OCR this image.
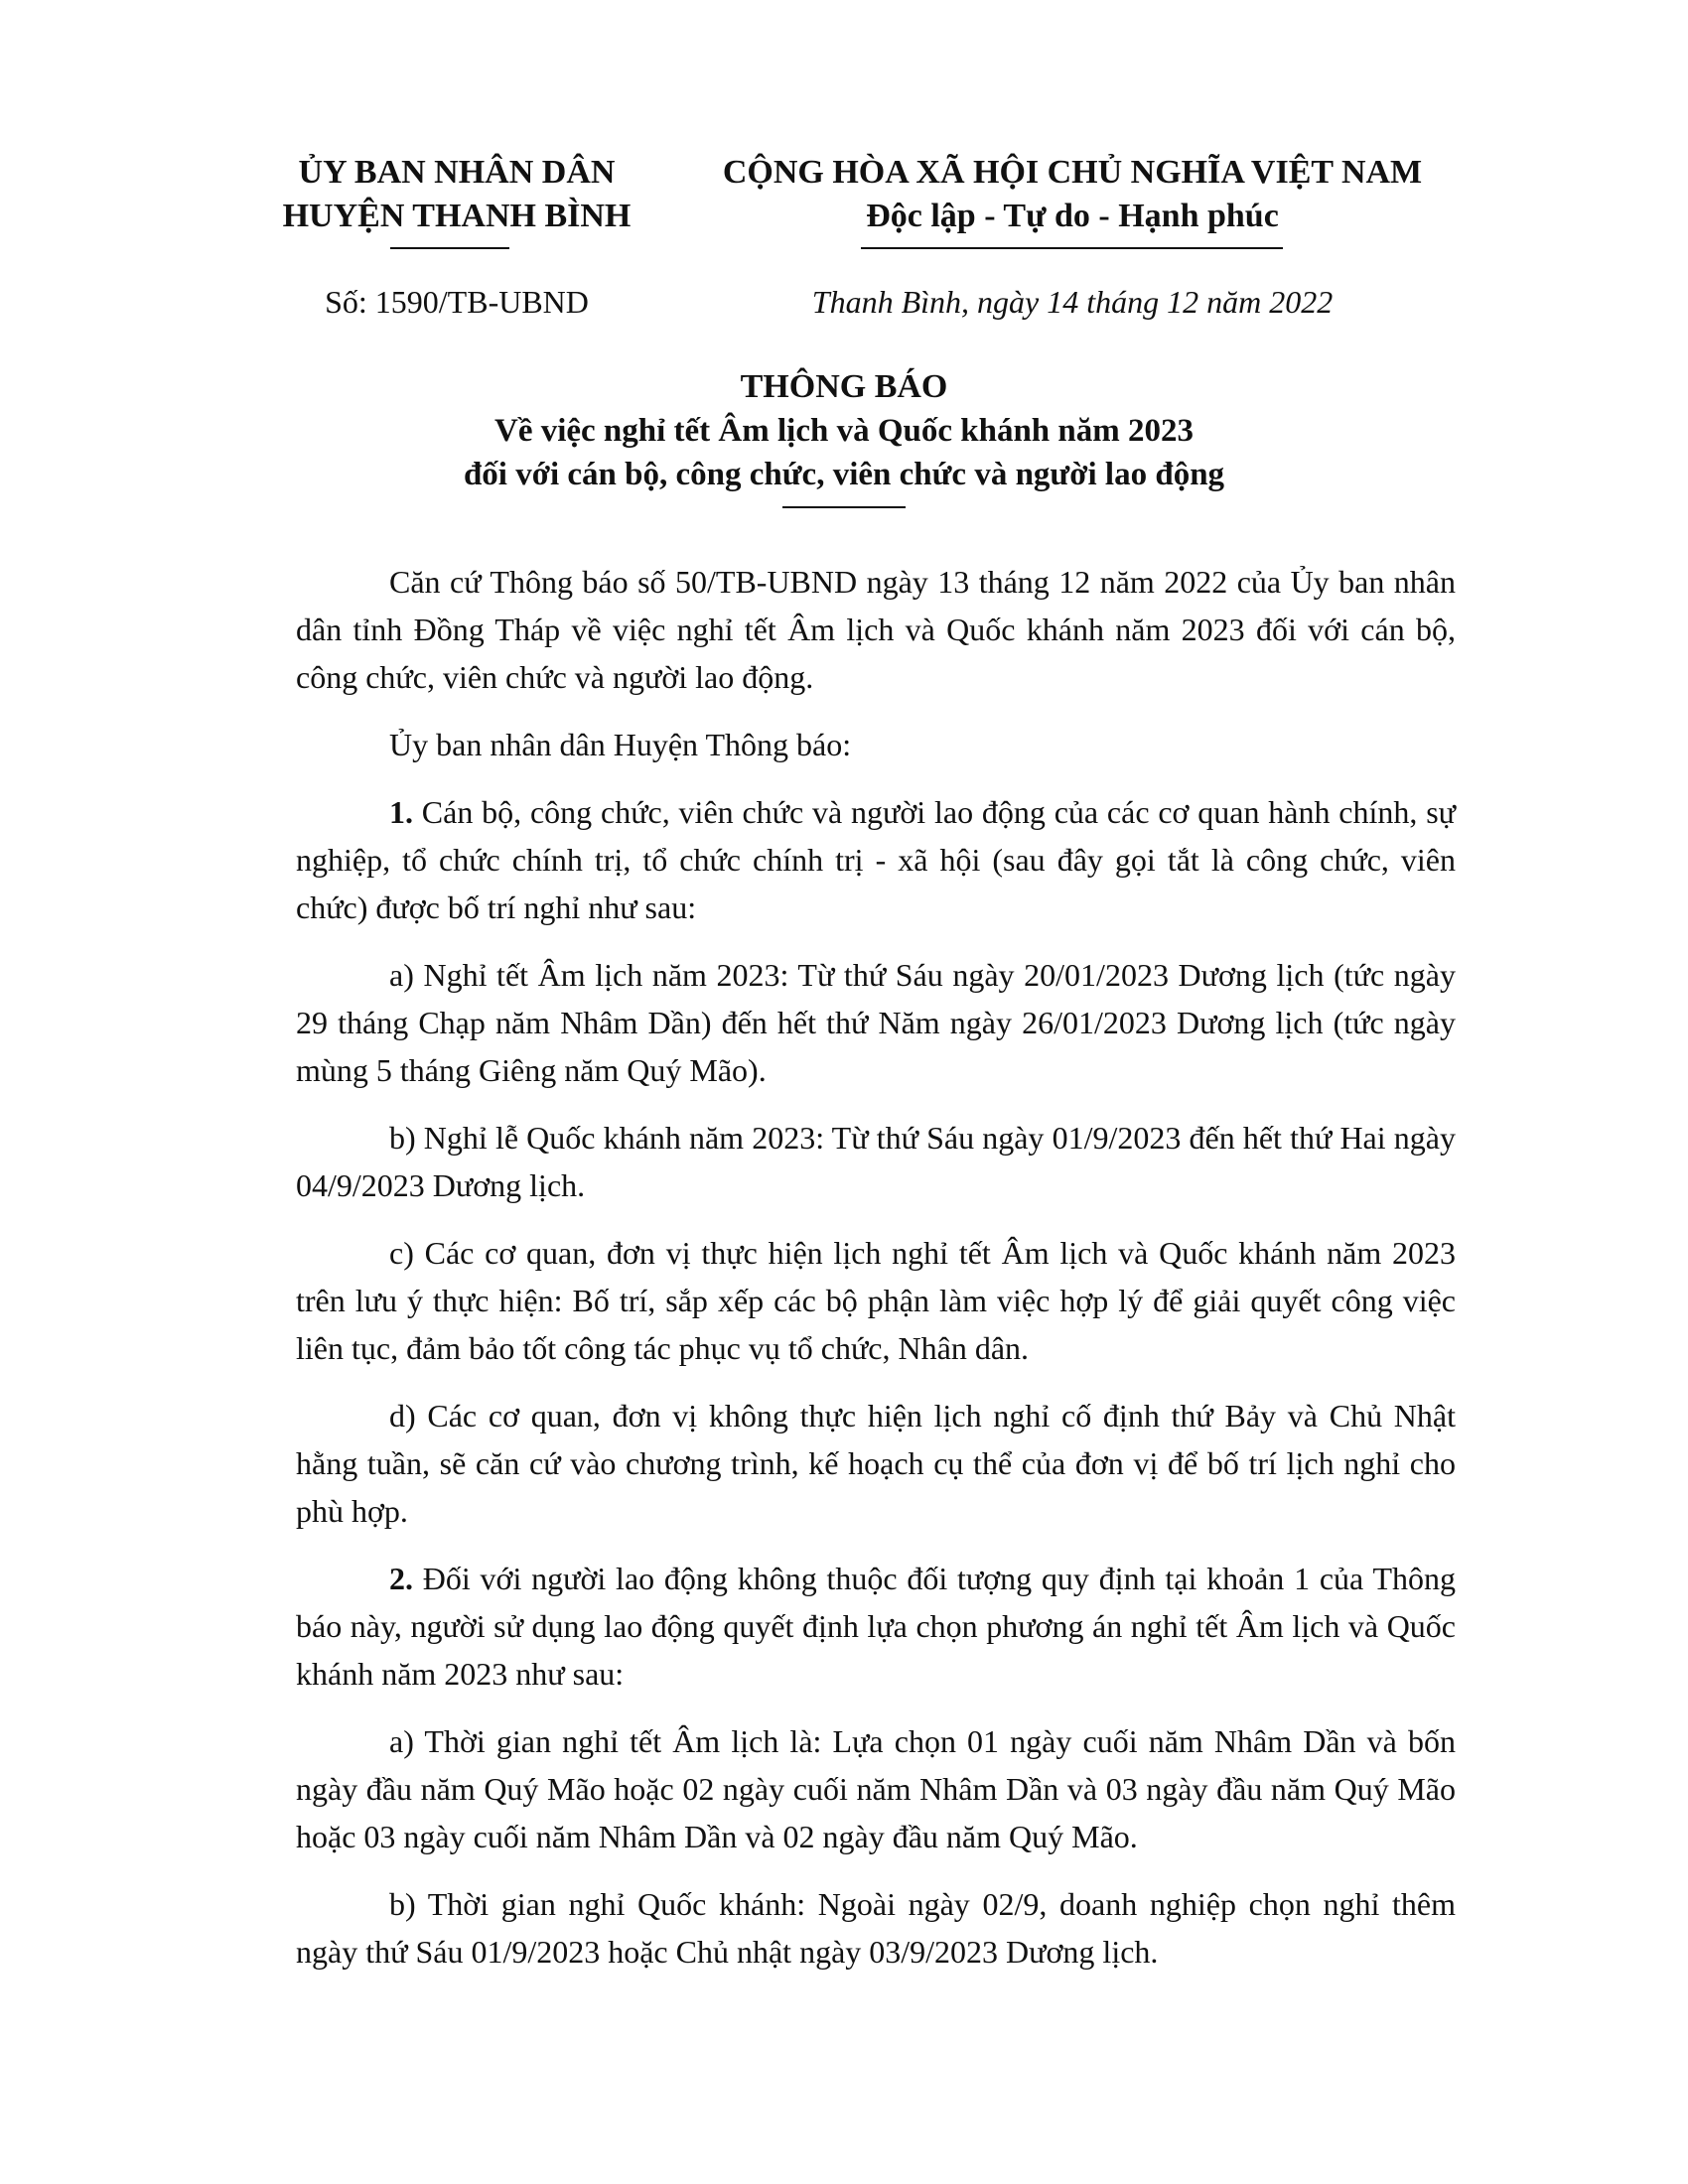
ỦY BAN NHÂN DÂN
HUYỆN THANH BÌNH
CỘNG HÒA XÃ HỘI CHỦ NGHĨA VIỆT NAM
Độc lập - Tự do - Hạnh phúc
Số: 1590/TB-UBND	Thanh Bình, ngày 14 tháng 12 năm 2022
THÔNG BÁO
Về việc nghỉ tết Âm lịch và Quốc khánh năm 2023
đối với cán bộ, công chức, viên chức và người lao động

Căn cứ Thông báo số 50/TB-UBND ngày 13 tháng 12 năm 2022 của Ủy ban nhân dân tỉnh Đồng Tháp về việc nghỉ tết Âm lịch và Quốc khánh năm 2023 đối với cán bộ, công chức, viên chức và người lao động.

Ủy ban nhân dân Huyện Thông báo:

1. Cán bộ, công chức, viên chức và người lao động của các cơ quan hành chính, sự nghiệp, tổ chức chính trị, tổ chức chính trị - xã hội (sau đây gọi tắt là công chức, viên chức) được bố trí nghỉ như sau:

a) Nghỉ tết Âm lịch năm 2023: Từ thứ Sáu ngày 20/01/2023 Dương lịch (tức ngày 29 tháng Chạp năm Nhâm Dần) đến hết thứ Năm ngày 26/01/2023 Dương lịch (tức ngày mùng 5 tháng Giêng năm Quý Mão).

b) Nghỉ lễ Quốc khánh năm 2023: Từ thứ Sáu ngày 01/9/2023 đến hết thứ Hai ngày 04/9/2023 Dương lịch.

c) Các cơ quan, đơn vị thực hiện lịch nghỉ tết Âm lịch và Quốc khánh năm 2023 trên lưu ý thực hiện: Bố trí, sắp xếp các bộ phận làm việc hợp lý để giải quyết công việc liên tục, đảm bảo tốt công tác phục vụ tổ chức, Nhân dân.

d) Các cơ quan, đơn vị không thực hiện lịch nghỉ cố định thứ Bảy và Chủ Nhật hằng tuần, sẽ căn cứ vào chương trình, kế hoạch cụ thể của đơn vị để bố trí lịch nghỉ cho phù hợp.

2. Đối với người lao động không thuộc đối tượng quy định tại khoản 1 của Thông báo này, người sử dụng lao động quyết định lựa chọn phương án nghỉ tết Âm lịch và Quốc khánh năm 2023 như sau:

a) Thời gian nghỉ tết Âm lịch là: Lựa chọn 01 ngày cuối năm Nhâm Dần và bốn ngày đầu năm Quý Mão hoặc 02 ngày cuối năm Nhâm Dần và 03 ngày đầu năm Quý Mão hoặc 03 ngày cuối năm Nhâm Dần và 02 ngày đầu năm Quý Mão.

b) Thời gian nghỉ Quốc khánh: Ngoài ngày 02/9, doanh nghiệp chọn nghỉ thêm ngày thứ Sáu 01/9/2023 hoặc Chủ nhật ngày 03/9/2023 Dương lịch.
